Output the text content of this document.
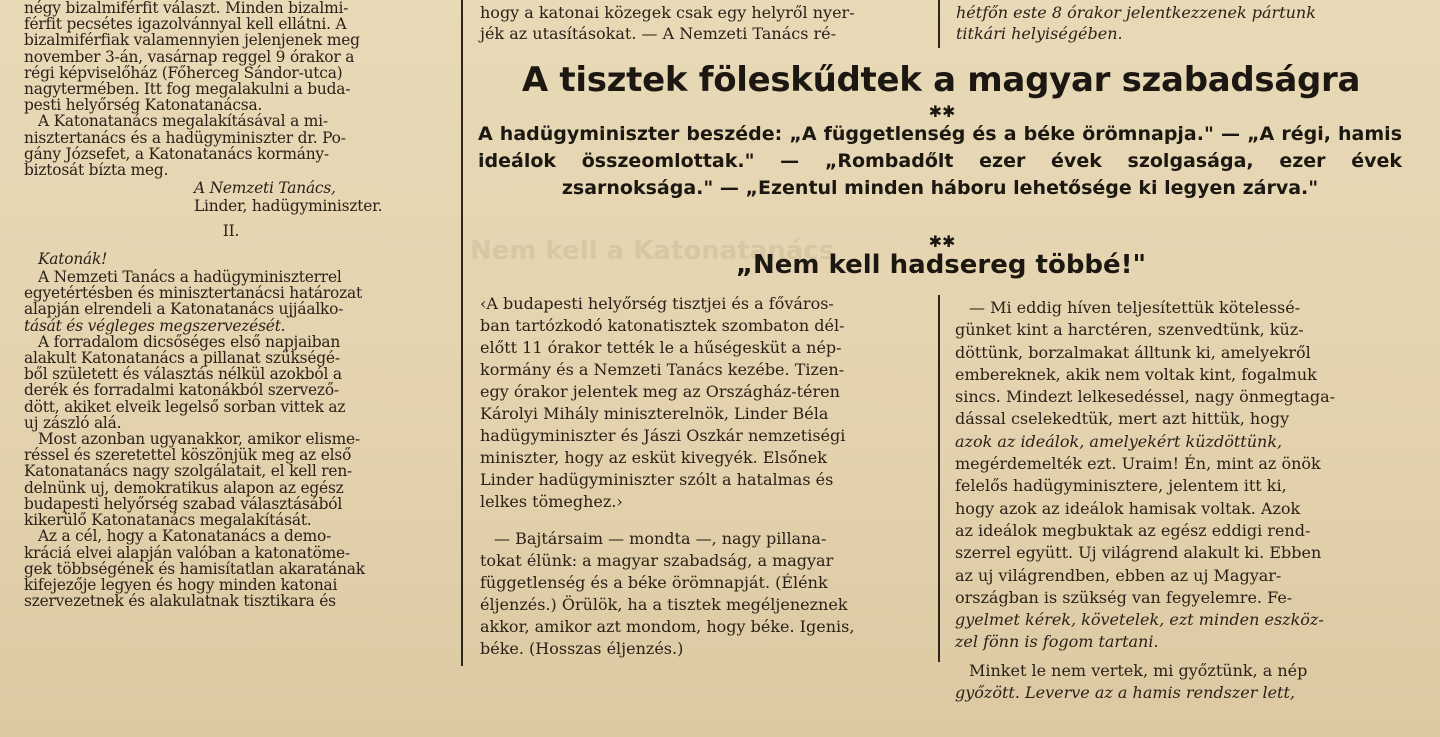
négy bizalmiférfit választ. Minden bizalmi-

férfit pecsétes igazolvánnyal kell ellátni. A

bizalmiférfiak valamennyien jelenjenek meg

november 3-án, vasárnap reggel 9 órakor a

régi képviselőház (Főherceg Sándor-utca)

nagytermében. Itt fog megalakulni a buda-

pesti helyőrség Katonatanácsa.

A Katonatanács megalakításával a mi-

nisztertanács és a hadügyminiszter dr. Po-

gány Józsefet, a Katonatanács kormány-

biztosát bízta meg.

A Nemzeti Tanács,

Linder, hadügyminiszter.

II.

Katonák!

A Nemzeti Tanács a hadügyminiszterrel

egyetértésben és minisztertanácsi határozat

alapján elrendeli a Katonatanács ujjáalko-

tását és végleges megszervezését.

A forradalom dicsőséges első napjaiban

alakult Katonatanács a pillanat szükségé-

ből született és választás nélkül azokból a

derék és forradalmi katonákból szervező-

dött, akiket elveik legelső sorban vittek az

uj zászló alá.

Most azonban ugyanakkor, amikor elisme-

réssel és szeretettel köszönjük meg az első

Katonatanács nagy szolgálatait, el kell ren-

delnünk uj, demokratikus alapon az egész

budapesti helyőrség szabad választásából

kikerülő Katonatanács megalakítását.

Az a cél, hogy a Katonatanács a demo-

kráciá elvei alapján valóban a katonatöme-

gek többségének és hamisítatlan akaratának

kifejezője legyen és hogy minden katonai

szervezetnek és alakulatnak tisztikara és

hogy a katonai közegek csak egy helyről nyer-

jék az utasításokat. — A Nemzeti Tanács ré-

hétfőn este 8 órakor jelentkezzenek pártunk

titkári helyiségében.

A tisztek föleskűdtek a magyar szabadságra
✱✱
A hadügyminiszter beszéde: „A függetlenség és a béke örömnapja." — „A régi, hamis ideálok összeomlottak." — „Rombadőlt ezer évek szolgasága, ezer évek zsarnoksága." — „Ezentul minden háboru lehetősége ki legyen zárva."
✱✱
Nem kell a Katonatanács
„Nem kell hadsereg többé!"

‹A budapesti helyőrség tisztjei és a főváros-

ban tartózkodó katonatisztek szombaton dél-

előtt 11 órakor tették le a hűségesküt a nép-

kormány és a Nemzeti Tanács kezébe. Tizen-

egy órakor jelentek meg az Országház-téren

Károlyi Mihály miniszterelnök, Linder Béla

hadügyminiszter és Jászi Oszkár nemzetiségi

miniszter, hogy az esküt kivegyék. Elsőnek

Linder hadügyminiszter szólt a hatalmas és

lelkes tömeghez.›

— Bajtársaim — mondta —, nagy pillana-

tokat élünk: a magyar szabadság, a magyar

függetlenség és a béke örömnapját. (Élénk

éljenzés.) Örülök, ha a tisztek megéljeneznek

akkor, amikor azt mondom, hogy béke. Igenis,

béke. (Hosszas éljenzés.)

— Mi eddig híven teljesítettük kötelessé-

günket kint a harctéren, szenvedtünk, küz-

döttünk, borzalmakat álltunk ki, amelyekről

embereknek, akik nem voltak kint, fogalmuk

sincs. Mindezt lelkesedéssel, nagy önmegtaga-

dással cselekedtük, mert azt hittük, hogy

azok az ideálok, amelyekért küzdöttünk,

megérdemelték ezt. Uraim! Én, mint az önök

felelős hadügyminisztere, jelentem itt ki,

hogy azok az ideálok hamisak voltak. Azok

az ideálok megbuktak az egész eddigi rend-

szerrel együtt. Uj világrend alakult ki. Ebben

az uj világrendben, ebben az uj Magyar-

országban is szükség van fegyelemre. Fe-

gyelmet kérek, követelek, ezt minden eszköz-

zel fönn is fogom tartani.

Minket le nem vertek, mi győztünk, a nép

győzött. Leverve az a hamis rendszer lett,
